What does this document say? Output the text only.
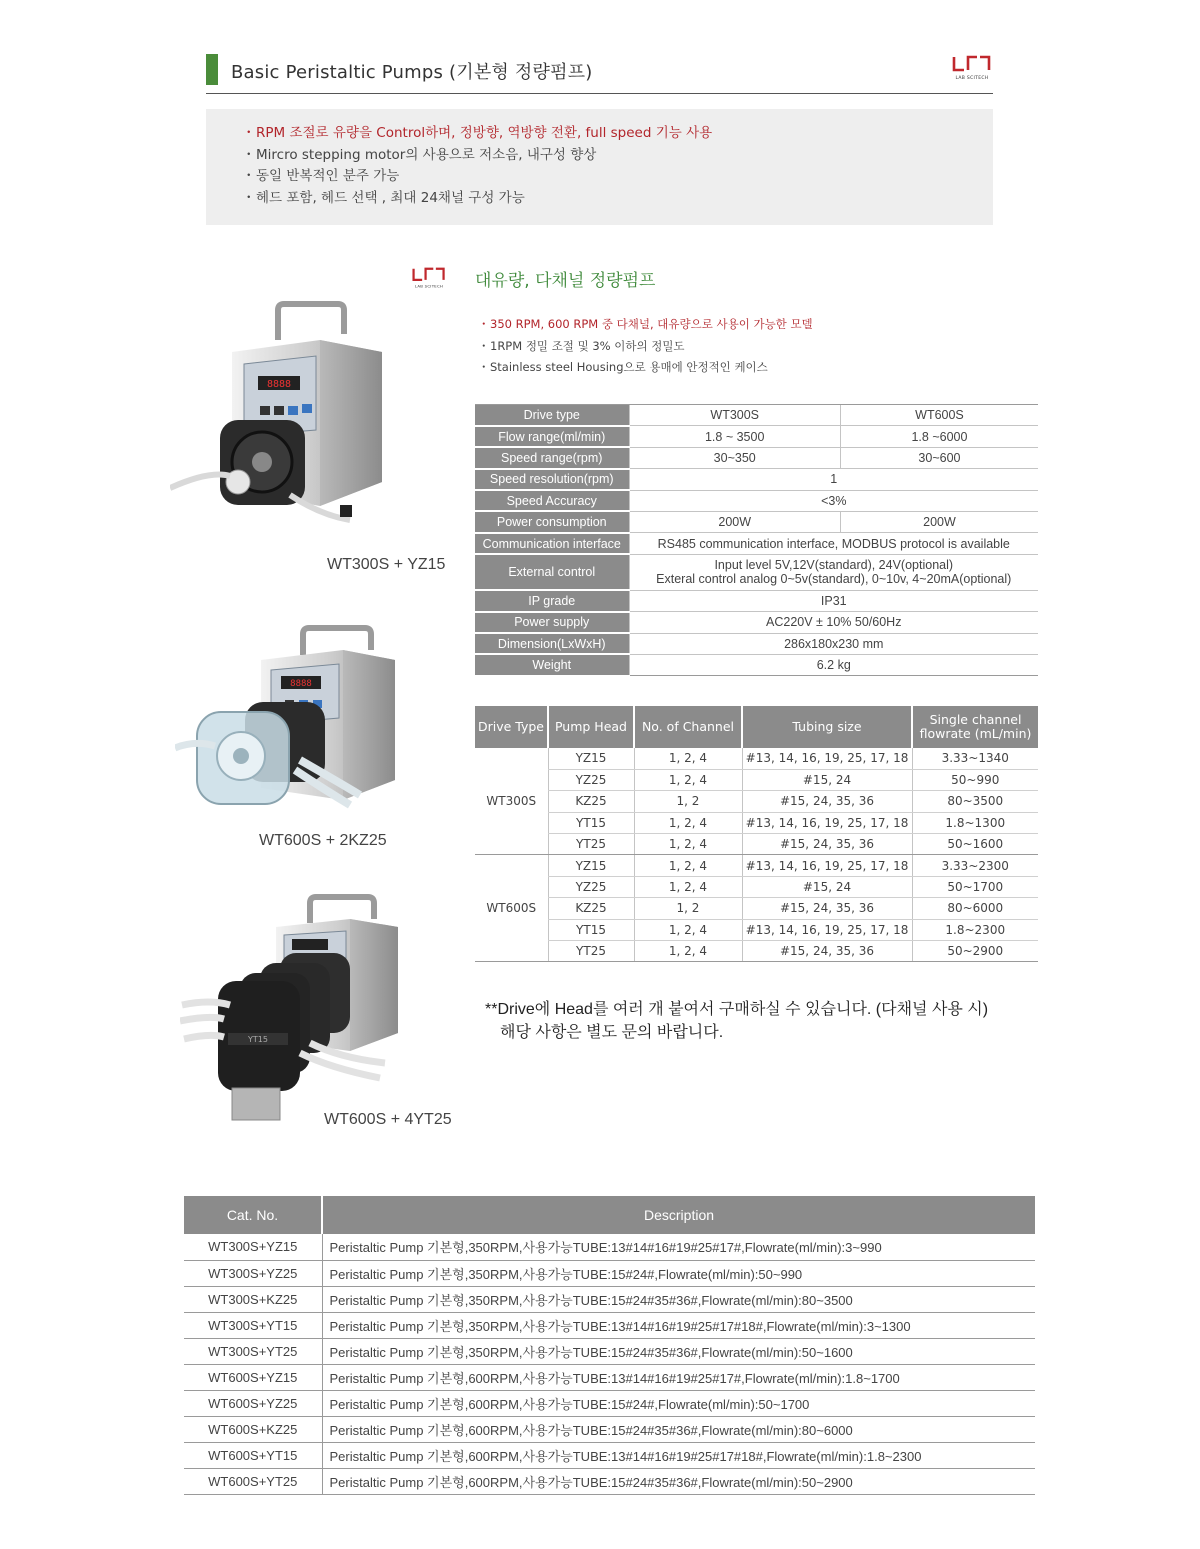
Basic Peristaltic Pumps (기본형 정량펌프)	LAB SCITECH
・RPM 조절로 유량을 Control하며, 정방향, 역방향 전환, full speed 기능 사용
・Mircro stepping motor의 사용으로 저소음, 내구성 향상
・동일 반복적인 분주 가능
・헤드 포함, 헤드 선택 , 최대 24채널 구성 가능
8888
WT300S + YZ15
8888
WT600S + 2KZ25
YT15
WT600S + 4YT25
LAB SCITECH 대유량, 다채널 정량펌프
・350 RPM, 600 RPM 중 다채널, 대유량으로 사용이 가능한 모델
・1RPM 정밀 조절 및 3% 이하의 정밀도
・Stainless steel Housing으로 용매에 안정적인 케이스
Drive type	WT300S	WT600S
Flow range(ml/min)	1.8 ~ 3500	1.8 ~6000
Speed range(rpm)	30~350	30~600
Speed resolution(rpm)	1	
Speed Accuracy	<3%	
Power consumption	200W	200W
Communication interface	RS485 communication interface, MODBUS protocol is available	
External control	Input level 5V,12V(standard), 24V(optional)
Exteral control analog 0~5v(standard), 0~10v, 4~20mA(optional)	

IP grade	IP31	
Power supply	AC220V ± 10% 50/60Hz	
Dimension(LxWxH)	286x180x230 mm	
Weight	6.2 kg	
Drive Type	Pump Head	No. of Channel	Tubing size	Single channel
flowrate (mL/min)

WT300S	YZ15	1, 2, 4	#13, 14, 16, 19, 25, 17, 18	3.33~1340
	YZ25	1, 2, 4	#15, 24	50~990
	KZ25	1, 2	#15, 24, 35, 36	80~3500
	YT15	1, 2, 4	#13, 14, 16, 19, 25, 17, 18	1.8~1300
	YT25	1, 2, 4	#15, 24, 35, 36	50~1600
WT600S	YZ15	1, 2, 4	#13, 14, 16, 19, 25, 17, 18	3.33~2300
	YZ25	1, 2, 4	#15, 24	50~1700
	KZ25	1, 2	#15, 24, 35, 36	80~6000
	YT15	1, 2, 4	#13, 14, 16, 19, 25, 17, 18	1.8~2300
	YT25	1, 2, 4	#15, 24, 35, 36	50~2900
**Drive에 Head를 여러 개 붙여서 구매하실 수 있습니다. (다채널 사용 시)
해당 사항은 별도 문의 바랍니다.
Cat. No.	Description
WT300S+YZ15	Peristaltic Pump 기본형,350RPM,사용가능TUBE:13#14#16#19#25#17#,Flowrate(ml/min):3~990
WT300S+YZ25	Peristaltic Pump 기본형,350RPM,사용가능TUBE:15#24#,Flowrate(ml/min):50~990
WT300S+KZ25	Peristaltic Pump 기본형,350RPM,사용가능TUBE:15#24#35#36#,Flowrate(ml/min):80~3500
WT300S+YT15	Peristaltic Pump 기본형,350RPM,사용가능TUBE:13#14#16#19#25#17#18#,Flowrate(ml/min):3~1300
WT300S+YT25	Peristaltic Pump 기본형,350RPM,사용가능TUBE:15#24#35#36#,Flowrate(ml/min):50~1600
WT600S+YZ15	Peristaltic Pump 기본형,600RPM,사용가능TUBE:13#14#16#19#25#17#,Flowrate(ml/min):1.8~1700
WT600S+YZ25	Peristaltic Pump 기본형,600RPM,사용가능TUBE:15#24#,Flowrate(ml/min):50~1700
WT600S+KZ25	Peristaltic Pump 기본형,600RPM,사용가능TUBE:15#24#35#36#,Flowrate(ml/min):80~6000
WT600S+YT15	Peristaltic Pump 기본형,600RPM,사용가능TUBE:13#14#16#19#25#17#18#,Flowrate(ml/min):1.8~2300
WT600S+YT25	Peristaltic Pump 기본형,600RPM,사용가능TUBE:15#24#35#36#,Flowrate(ml/min):50~2900
